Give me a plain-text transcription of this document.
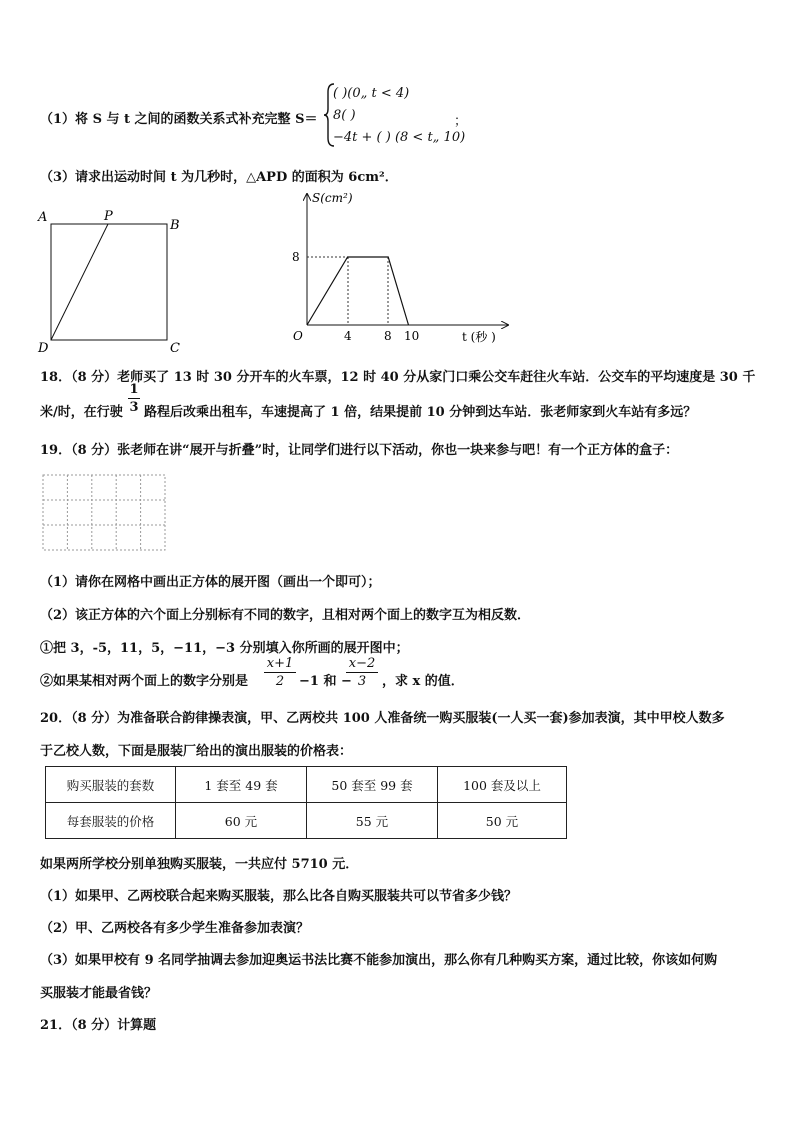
（1）将 S 与 t 之间的函数关系式补充完整 S＝
( )(0„ t < 4)
8( )
−4t + ( ) (8 < t„ 10)
；
（3）请求出运动时间 t 为几秒时，△APD 的面积为 6cm²．
A	P
B
D	C
S(cm²)
t (秒 )
O
8
4	8 10
18．（8 分）老师买了 13 时 30 分开车的火车票，12 时 40 分从家门口乘公交车赶往火车站．公交车的平均速度是 30 千
米/时，在行驶 $\frac{1}{3}$ 路程后改乘出租车，车速提高了 1 倍，结果提前 10 分钟到达车站．张老师家到火车站有多远？
19．（8 分）张老师在讲“展开与折叠”时，让同学们进行以下活动，你也一块来参与吧！有一个正方体的盒子：
（1）请你在网格中画出正方体的展开图（画出一个即可）；
（2）该正方体的六个面上分别标有不同的数字，且相对两个面上的数字互为相反数．
①把 3，-5，11，5，−11，−3 分别填入你所画的展开图中；
②如果某相对两个面上的数字分别是 $\frac{x+1}{2} -1$ 和 −
$\frac{x-2}{3}$ ，求 x 的值．
20．（8 分）为准备联合韵律操表演，甲、乙两校共 100 人准备统一购买服装(一人买一套)参加表演，其中甲校人数多
于乙校人数，下面是服装厂给出的演出服装的价格表：
购买服装的套数	1 套至 49 套	50 套至 99 套	100 套及以上
每套服装的价格	60 元	55 元	50 元
如果两所学校分别单独购买服装，一共应付 5710 元．
（1）如果甲、乙两校联合起来购买服装，那么比各自购买服装共可以节省多少钱？
（2）甲、乙两校各有多少学生准备参加表演？
（3）如果甲校有 9 名同学抽调去参加迎奥运书法比赛不能参加演出，那么你有几种购买方案，通过比较，你该如何购
买服装才能最省钱？
21．（8 分）计算题
